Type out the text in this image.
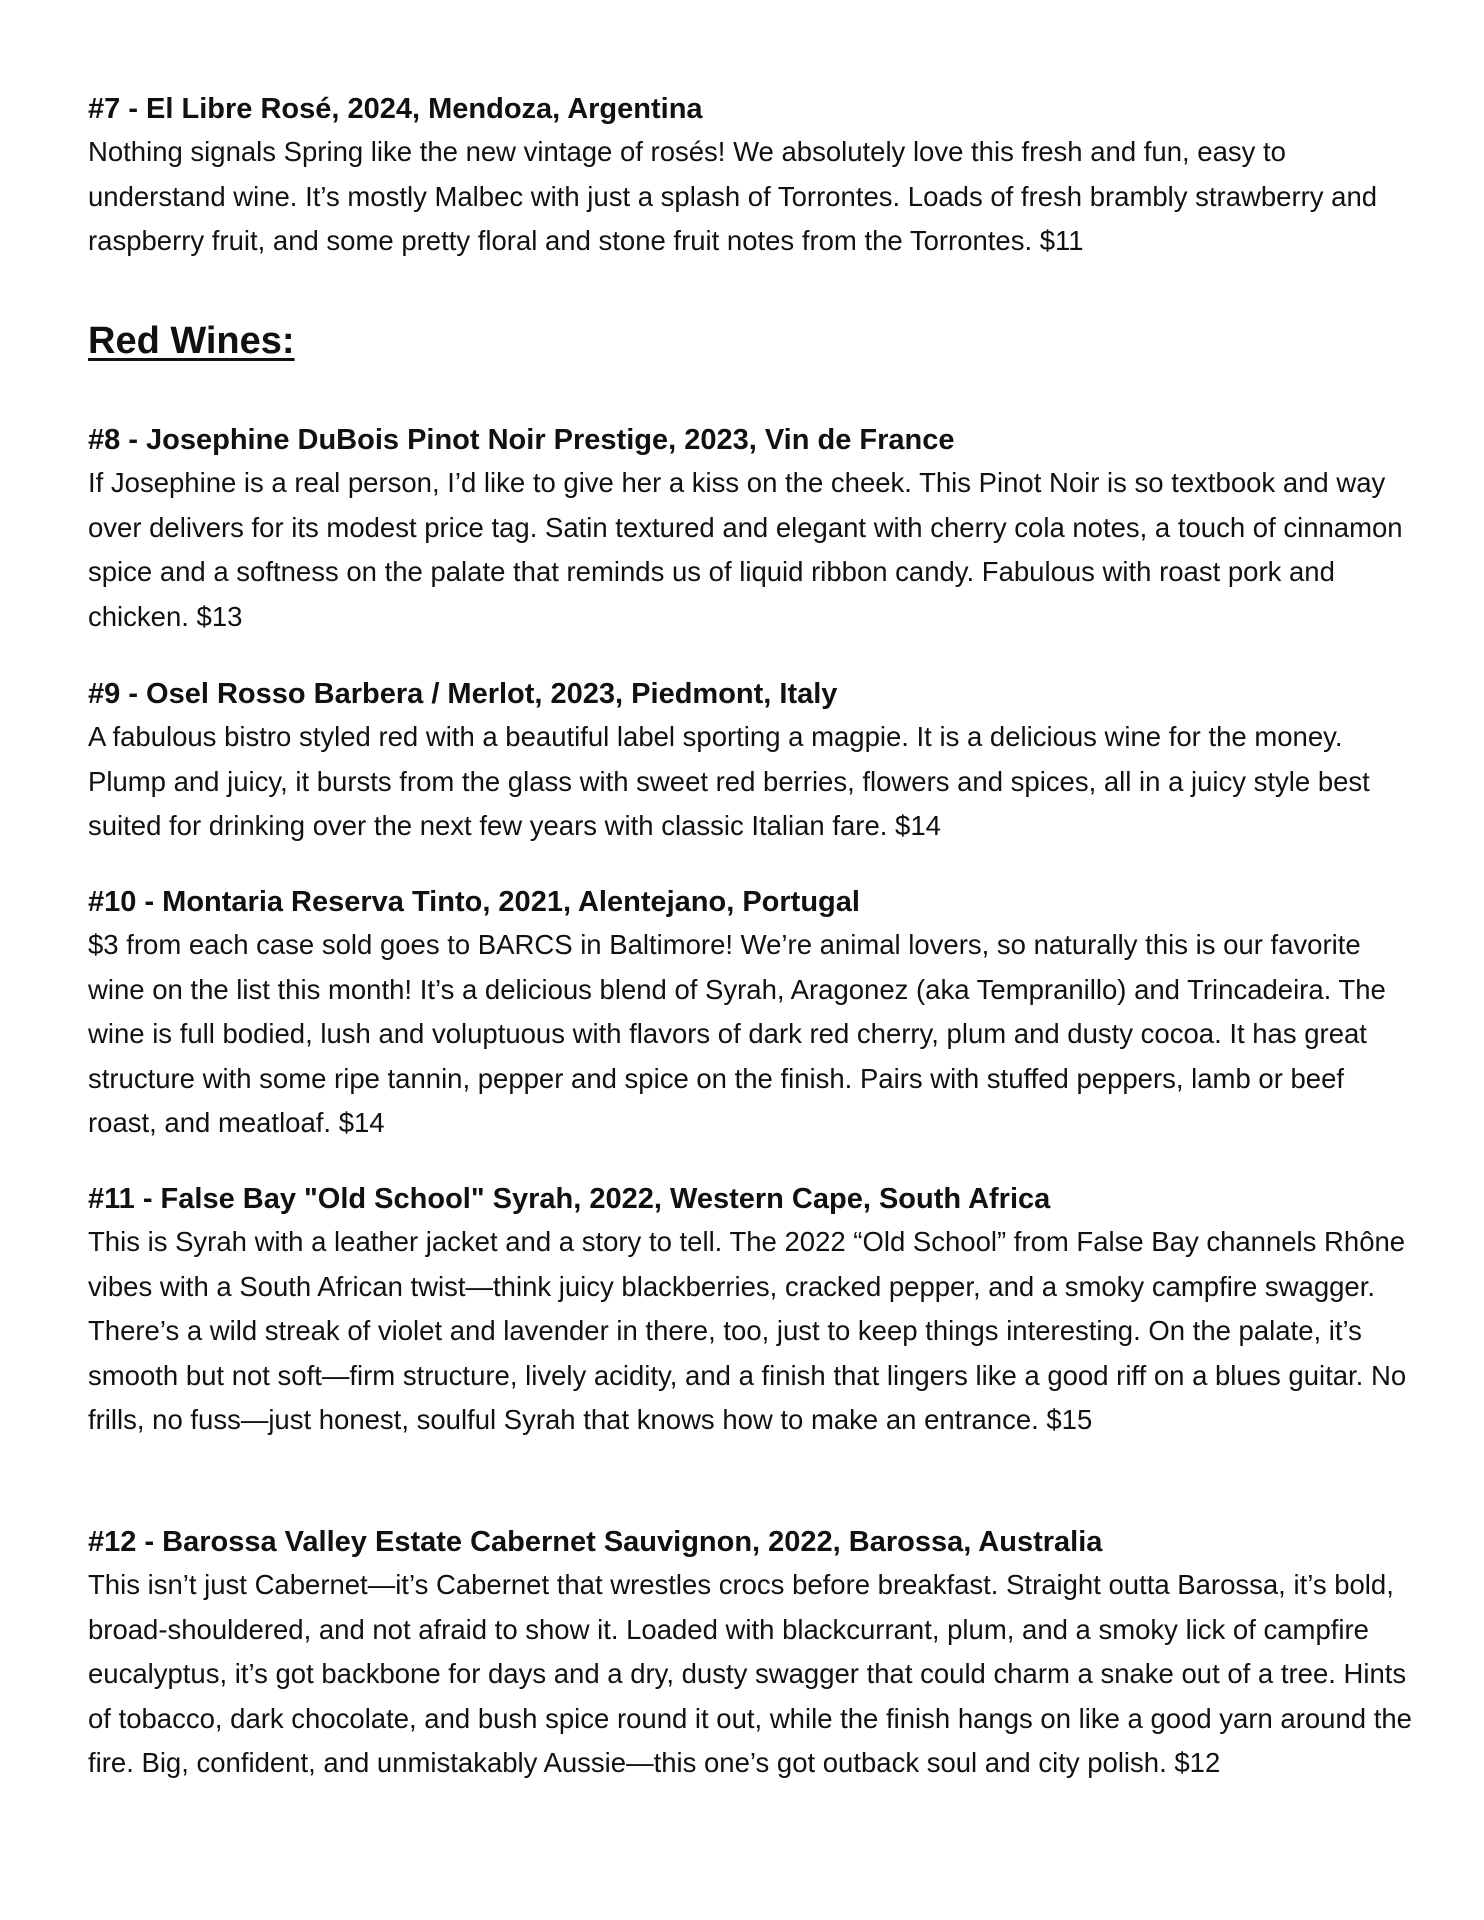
#7 - El Libre Rosé, 2024, Mendoza, Argentina

Nothing signals Spring like the new vintage of rosés! We absolutely love this fresh and fun, easy to understand wine. It’s mostly Malbec with just a splash of Torrontes. Loads of fresh brambly strawberry and raspberry fruit, and some pretty floral and stone fruit notes from the Torrontes. $11

Red Wines:
#8 - Josephine DuBois Pinot Noir Prestige, 2023, Vin de France

If Josephine is a real person, I’d like to give her a kiss on the cheek. This Pinot Noir is so textbook and way over delivers for its modest price tag. Satin textured and elegant with cherry cola notes, a touch of cinnamon spice and a softness on the palate that reminds us of liquid ribbon candy. Fabulous with roast pork and chicken. $13

#9 - Osel Rosso Barbera / Merlot, 2023, Piedmont, Italy

A fabulous bistro styled red with a beautiful label sporting a magpie. It is a delicious wine for the money. Plump and juicy, it bursts from the glass with sweet red berries, flowers and spices, all in a juicy style best suited for drinking over the next few years with classic Italian fare. $14

#10 - Montaria Reserva Tinto, 2021, Alentejano, Portugal

$3 from each case sold goes to BARCS in Baltimore! We’re animal lovers, so naturally this is our favorite wine on the list this month! It’s a delicious blend of Syrah, Aragonez (aka Tempranillo) and Trincadeira. The wine is full bodied, lush and voluptuous with flavors of dark red cherry, plum and dusty cocoa. It has great structure with some ripe tannin, pepper and spice on the finish. Pairs with stuffed peppers, lamb or beef roast, and meatloaf. $14

#11 - False Bay "Old School" Syrah, 2022, Western Cape, South Africa

This is Syrah with a leather jacket and a story to tell. The 2022 “Old School” from False Bay channels Rhône vibes with a South African twist—think juicy blackberries, cracked pepper, and a smoky campfire swagger. There’s a wild streak of violet and lavender in there, too, just to keep things interesting. On the palate, it’s smooth but not soft—firm structure, lively acidity, and a finish that lingers like a good riff on a blues guitar. No frills, no fuss—just honest, soulful Syrah that knows how to make an entrance. $15

#12 - Barossa Valley Estate Cabernet Sauvignon, 2022, Barossa, Australia

This isn’t just Cabernet—it’s Cabernet that wrestles crocs before breakfast. Straight outta Barossa, it’s bold, broad-shouldered, and not afraid to show it. Loaded with blackcurrant, plum, and a smoky lick of campfire eucalyptus, it’s got backbone for days and a dry, dusty swagger that could charm a snake out of a tree. Hints of tobacco, dark chocolate, and bush spice round it out, while the finish hangs on like a good yarn around the fire. Big, confident, and unmistakably Aussie—this one’s got outback soul and city polish. $12
